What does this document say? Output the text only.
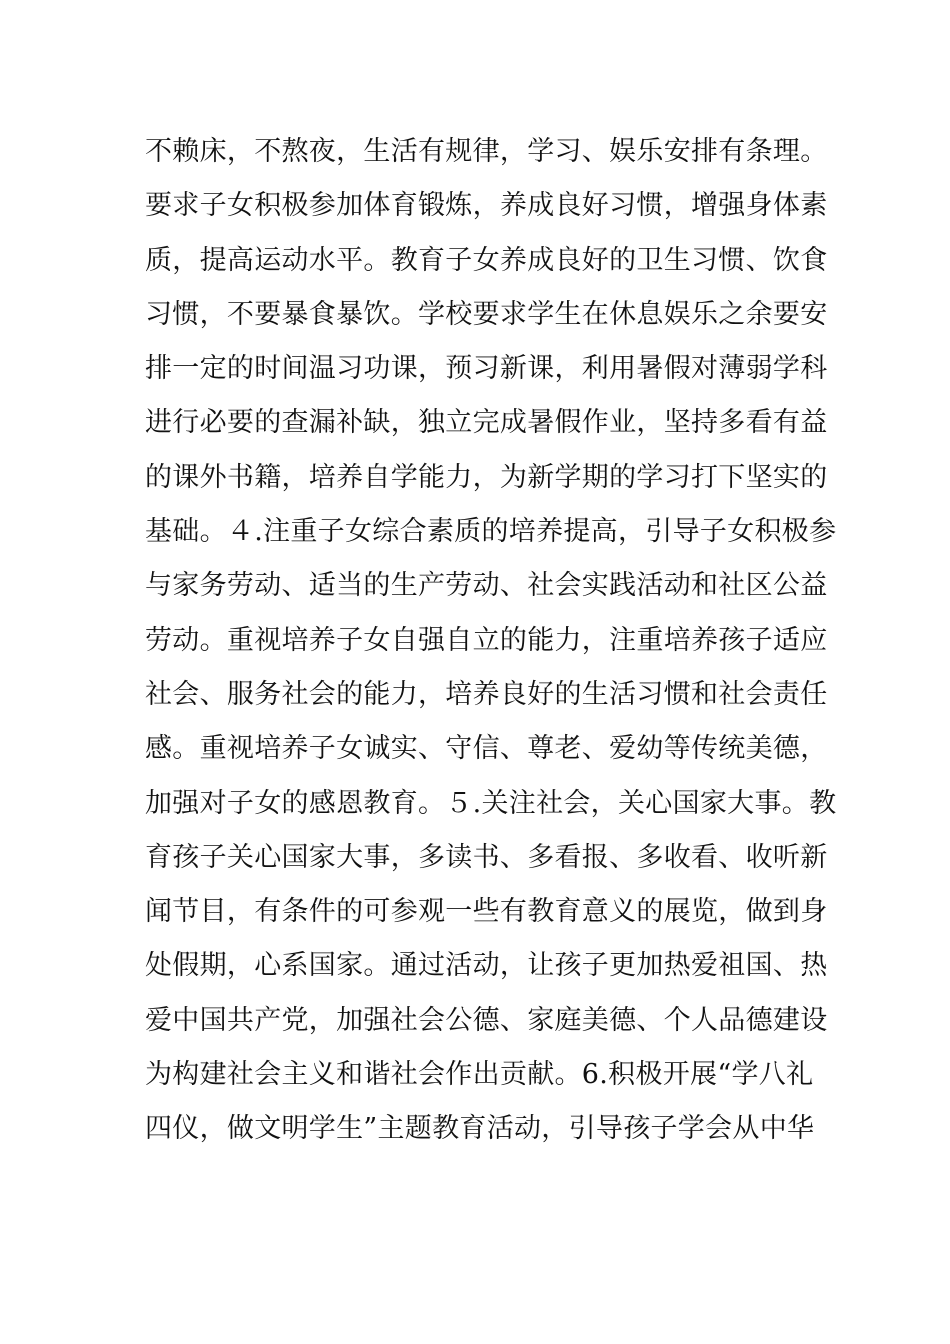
不赖床，不熬夜，生活有规律，学习、娱乐安排有条理。
要求子女积极参加体育锻炼，养成良好习惯，增强身体素
质，提高运动水平。教育子女养成良好的卫生习惯、饮食
习惯，不要暴食暴饮。学校要求学生在休息娱乐之余要安
排一定的时间温习功课，预习新课，利用暑假对薄弱学科
进行必要的查漏补缺，独立完成暑假作业，坚持多看有益
的课外书籍，培养自学能力，为新学期的学习打下坚实的
基础。４.注重子女综合素质的培养提高，引导子女积极参
与家务劳动、适当的生产劳动、社会实践活动和社区公益
劳动。重视培养子女自强自立的能力，注重培养孩子适应
社会、服务社会的能力，培养良好的生活习惯和社会责任
感。重视培养子女诚实、守信、尊老、爱幼等传统美德，
加强对子女的感恩教育。５.关注社会，关心国家大事。教
育孩子关心国家大事，多读书、多看报、多收看、收听新
闻节目，有条件的可参观一些有教育意义的展览，做到身
处假期，心系国家。通过活动，让孩子更加热爱祖国、热
爱中国共产党，加强社会公德、家庭美德、个人品德建设
为构建社会主义和谐社会作出贡献。6.积极开展“学八礼
四仪，做文明学生”主题教育活动，引导孩子学会从中华
